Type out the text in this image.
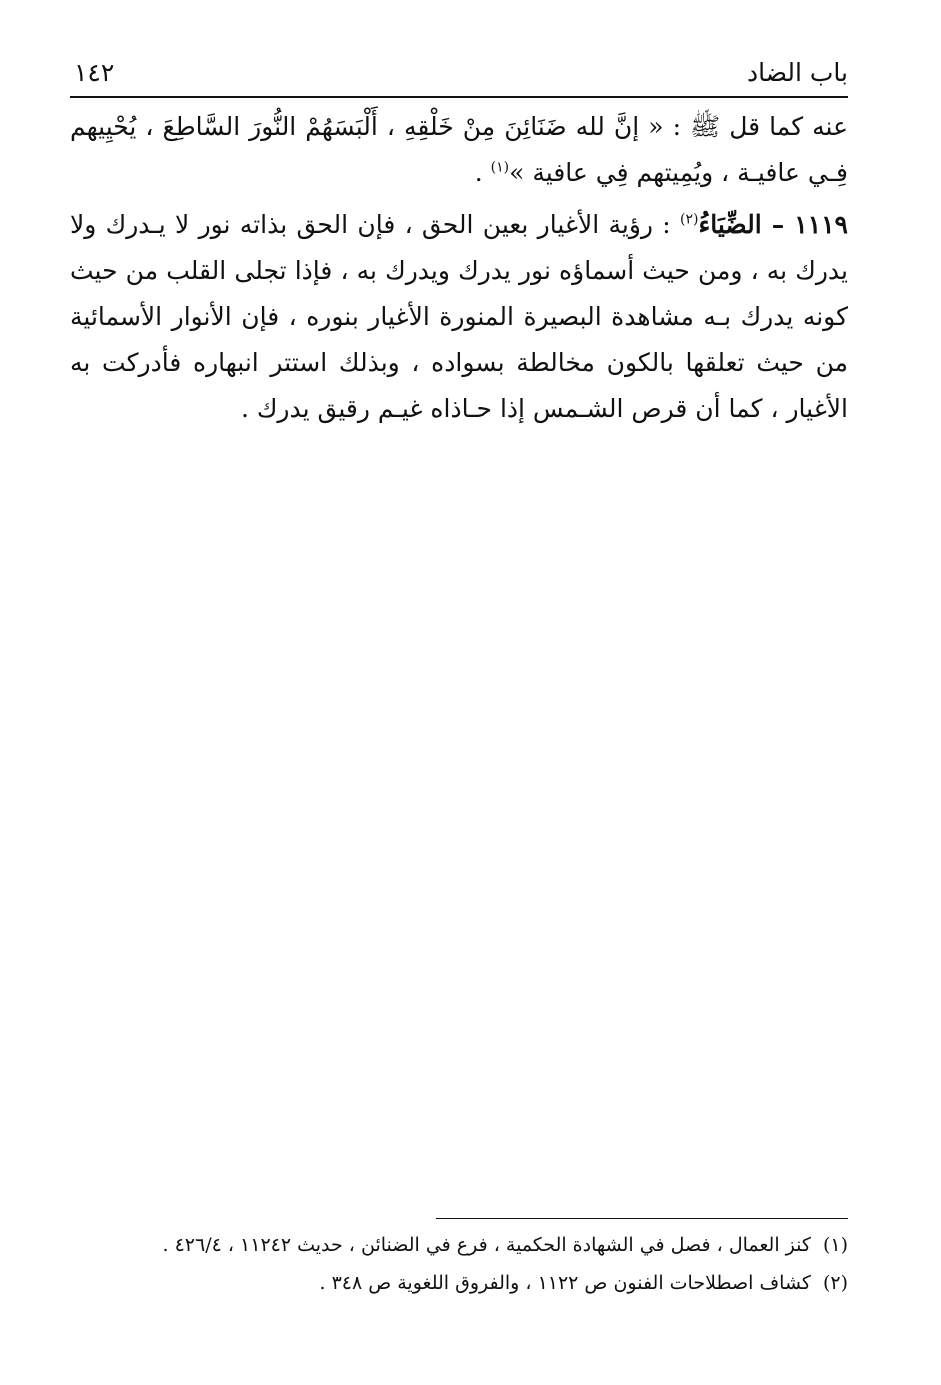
باب الضاد
١٤٢

عنه كما قل ﷺ : « إنَّ لله ضَنَائِنَ مِنْ خَلْقِهِ ، أَلْبَسَهُمْ النُّورَ السَّاطِعَ ، يُحْيِيهم فِـي عافيـة ، ويُمِيتهم فِي عافية »$^{(١)}$ .

١١١٩ – الضِّيَاءُ$^{(٢)}$ : رؤية الأغيار بعين الحق ، فإن الحق بذاته نور لا يـدرك ولا يدرك به ، ومن حيث أسماؤه نور يدرك ويدرك به ، فإذا تجلى القلب من حيث كونه يدرك بـه مشاهدة البصيرة المنورة الأغيار بنوره ، فإن الأنوار الأسمائية من حيث تعلقها بالكون مخالطة بسواده ، وبذلك استتر انبهاره فأدركت به الأغيار ، كما أن قرص الشـمس إذا حـاذاه غيـم رقيق يدرك .

(١)كنز العمال ، فصل في الشهادة الحكمية ، فرع في الضنائن ، حديث ١١٢٤٢ ، ٤٢٦/٤ .
(٢)كشاف اصطلاحات الفنون ص ١١٢٢ ، والفروق اللغوية ص ٣٤٨ .
